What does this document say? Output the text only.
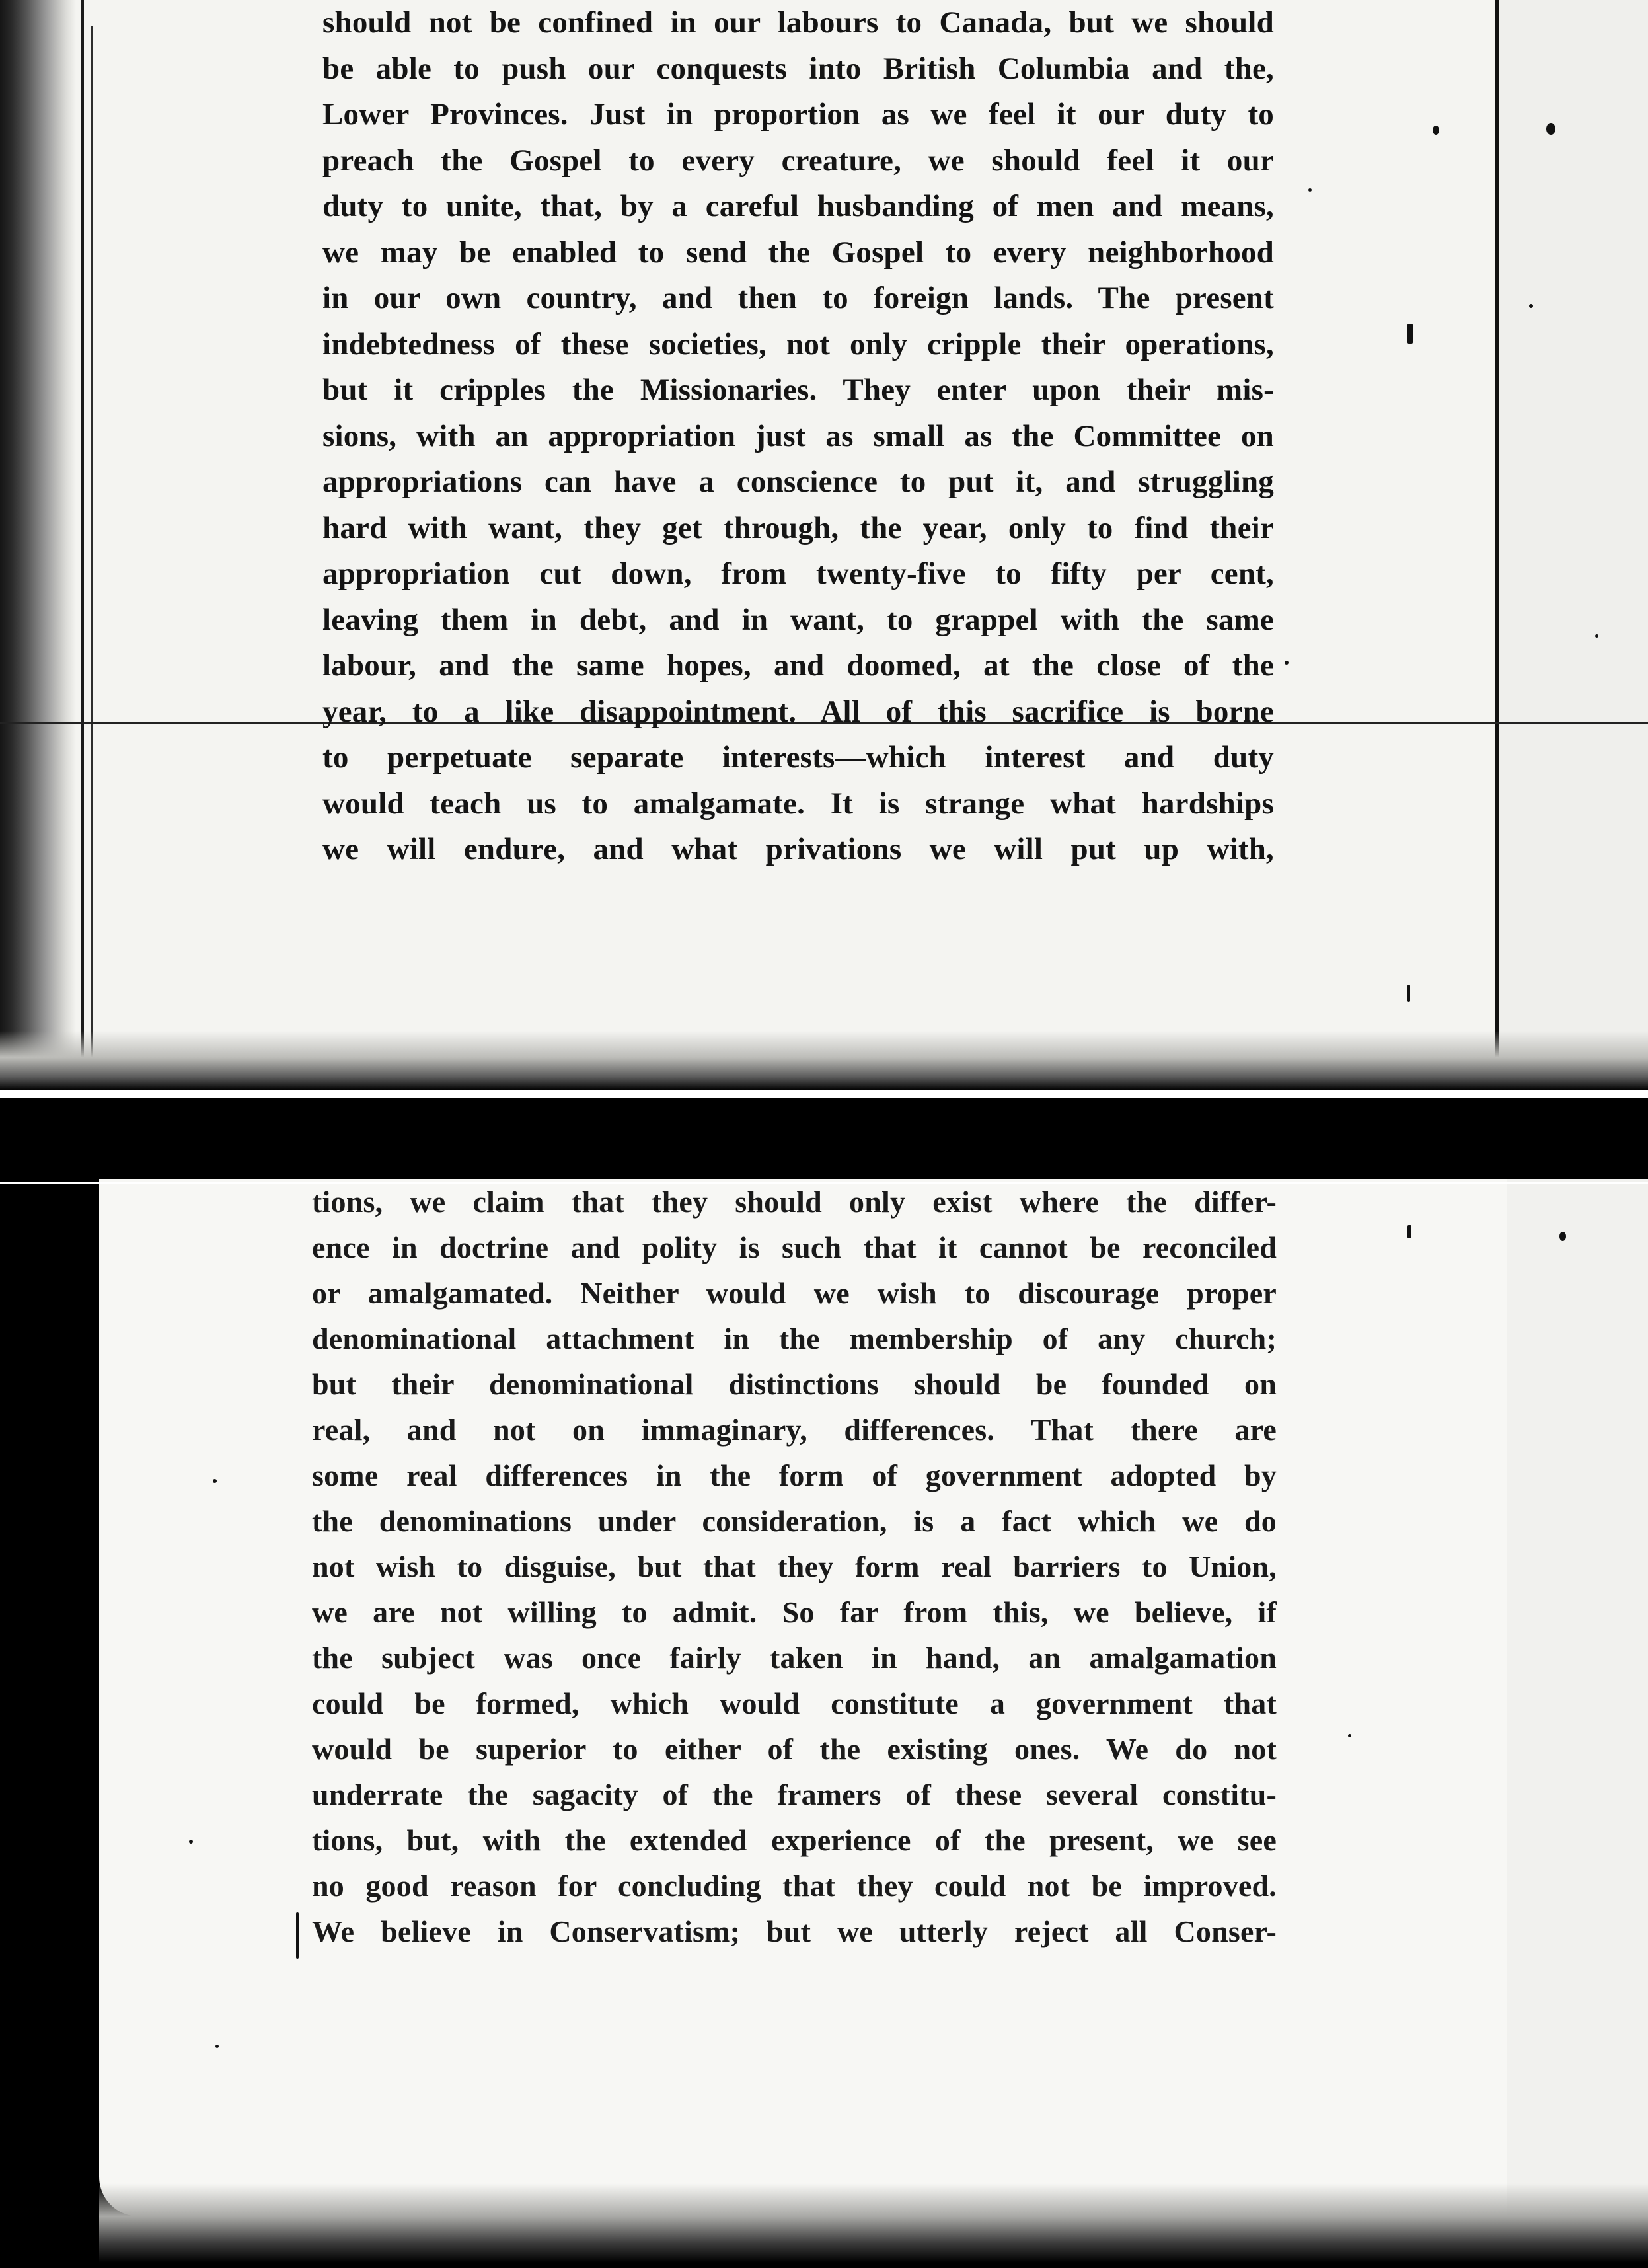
should not be confined in our labours to Canada, but we should
be able to push our conquests into British Columbia and the,
Lower Provinces. Just in proportion as we feel it our duty to
preach the Gospel to every creature, we should feel it our
duty to unite, that, by a careful husbanding of men and means,
we may be enabled to send the Gospel to every neighborhood
in our own country, and then to foreign lands. The present
indebtedness of these societies, not only cripple their operations,
but it cripples the Missionaries. They enter upon their mis-
sions, with an appropriation just as small as the Committee on
appropriations can have a conscience to put it, and struggling
hard with want, they get through, the year, only to find their
appropriation cut down, from twenty-five to fifty per cent,
leaving them in debt, and in want, to grappel with the same
labour, and the same hopes, and doomed, at the close of the
year, to a like disappointment. All of this sacrifice is borne
to perpetuate separate interests—which interest and duty
would teach us to amalgamate. It is strange what hardships
we will endure, and what privations we will put up with,
tions, we claim that they should only exist where the differ-
ence in doctrine and polity is such that it cannot be reconciled
or amalgamated. Neither would we wish to discourage proper
denominational attachment in the membership of any church;
but their denominational distinctions should be founded on
real, and not on immaginary, differences. That there are
some real differences in the form of government adopted by
the denominations under consideration, is a fact which we do
not wish to disguise, but that they form real barriers to Union,
we are not willing to admit. So far from this, we believe, if
the subject was once fairly taken in hand, an amalgamation
could be formed, which would constitute a government that
would be superior to either of the existing ones. We do not
underrate the sagacity of the framers of these several constitu-
tions, but, with the extended experience of the present, we see
no good reason for concluding that they could not be improved.
We believe in Conservatism; but we utterly reject all Conser-
